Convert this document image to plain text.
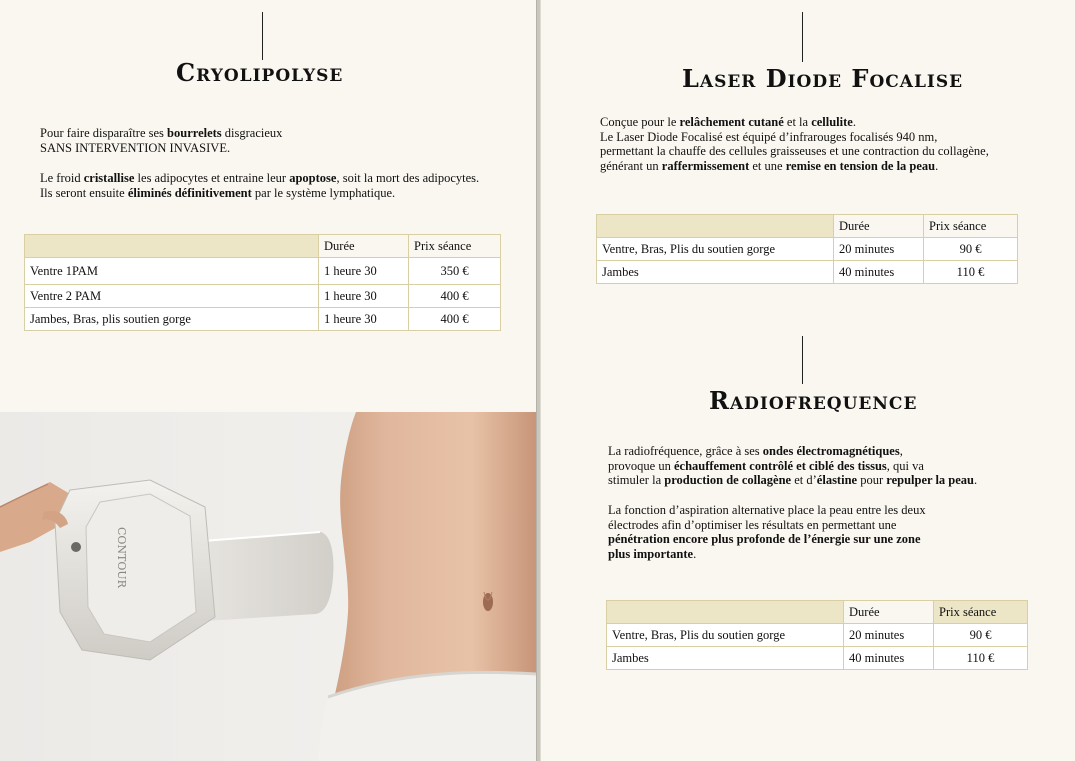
Cryolipolyse
Pour faire disparaître ses bourrelets disgracieux
SANS INTERVENTION INVASIVE.
Le froid cristallise les adipocytes et entraine leur apoptose, soit la mort des adipocytes.
Ils seront ensuite éliminés définitivement par le système lymphatique.
	Durée	Prix séance
Ventre 1PAM	1 heure 30	350 €
Ventre 2 PAM	1 heure 30	400 €
Jambes, Bras, plis soutien gorge	1 heure 30	400 €
CONTOUR
Laser Diode Focalise
Conçue pour le relâchement cutané et la cellulite.
Le Laser Diode Focalisé est équipé d’infrarouges focalisés 940 nm,
permettant la chauffe des cellules graisseuses et une contraction du collagène,
générant un raffermissement et une remise en tension de la peau.
	Durée	Prix séance
Ventre, Bras, Plis du soutien gorge	20 minutes	90 €
Jambes	40 minutes	110 €
Radiofrequence
La radiofréquence, grâce à ses ondes électromagnétiques,
provoque un échauffement contrôlé et ciblé des tissus, qui va
stimuler la production de collagène et d’élastine pour repulper la peau.
La fonction d’aspiration alternative place la peau entre les deux
électrodes afin d’optimiser les résultats en permettant une
pénétration encore plus profonde de l’énergie sur une zone
plus importante.
	Durée	Prix séance
Ventre, Bras, Plis du soutien gorge	20 minutes	90 €
Jambes	40 minutes	110 €
